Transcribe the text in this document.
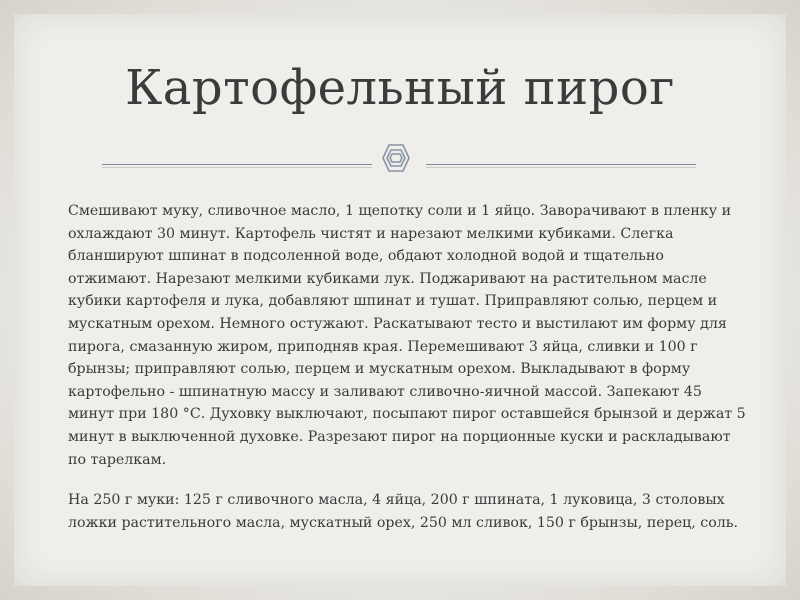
Картофельный пирог

Смешивают муку, сливочное масло, 1 щепотку соли и 1 яйцо. Заворачивают в пленку и охлаждают 30 минут. Картофель чистят и нарезают мелкими кубиками. Слегка бланшируют шпинат в подсоленной воде, обдают холодной водой и тщательно отжимают. Нарезают мелкими кубиками лук. Поджаривают на растительном масле кубики картофеля и лука, добавляют шпинат и тушат. Приправляют солью, перцем и мускатным орехом. Немного остужают. Раскатывают тесто и выстилают им форму для пирога, смазанную жиром, приподняв края. Перемешивают 3 яйца, сливки и 100 г брынзы; приправляют солью, перцем и мускатным орехом. Выкладывают в форму картофельно - шпинатную массу и заливают сливочно-яичной массой. Запекают 45 минут при 180 °С. Духовку выключают, посыпают пирог оставшейся брынзой и держат 5 минут в выключенной духовке. Разрезают пирог на порционные куски и раскладывают по тарелкам.

На 250 г муки: 125 г сливочного масла, 4 яйца, 200 г шпината, 1 луковица, 3 столовых ложки растительного масла, мускатный орех, 250 мл сливок, 150 г брынзы, перец, соль.
